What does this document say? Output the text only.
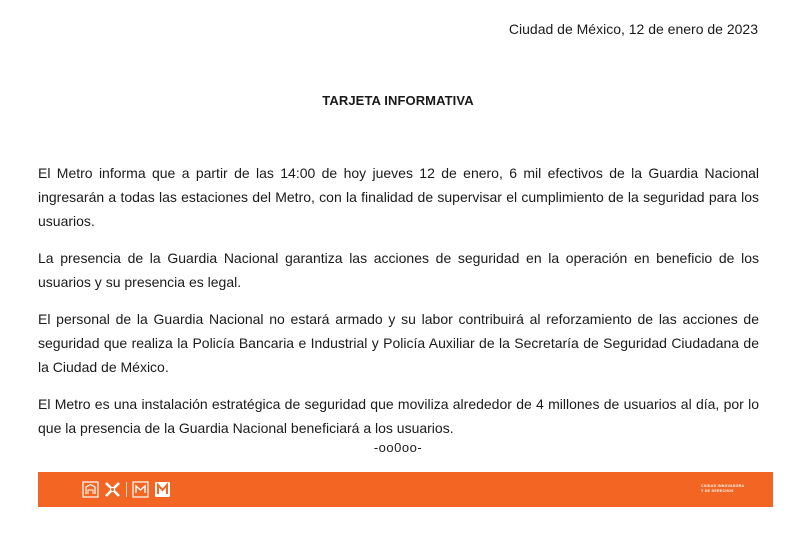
Ciudad de México, 12 de enero de 2023
TARJETA INFORMATIVA

El Metro informa que a partir de las 14:00 de hoy jueves 12 de enero, 6 mil efectivos de la Guardia Nacional ingresarán a todas las estaciones del Metro, con la finalidad de supervisar el cumplimiento de la seguridad para los usuarios.

La presencia de la Guardia Nacional garantiza las acciones de seguridad en la operación en beneficio de los usuarios y su presencia es legal.

El personal de la Guardia Nacional no estará armado y su labor contribuirá al reforzamiento de las acciones de seguridad que realiza la Policía Bancaria e Industrial y Policía Auxiliar de la Secretaría de Seguridad Ciudadana de la Ciudad de México.

El Metro es una instalación estratégica de seguridad que moviliza alrededor de 4 millones de usuarios al día, por lo que la presencia de la Guardia Nacional beneficiará a los usuarios.

-oo0oo-
CIUDAD INNOVADORA
Y DE DERECHOS
